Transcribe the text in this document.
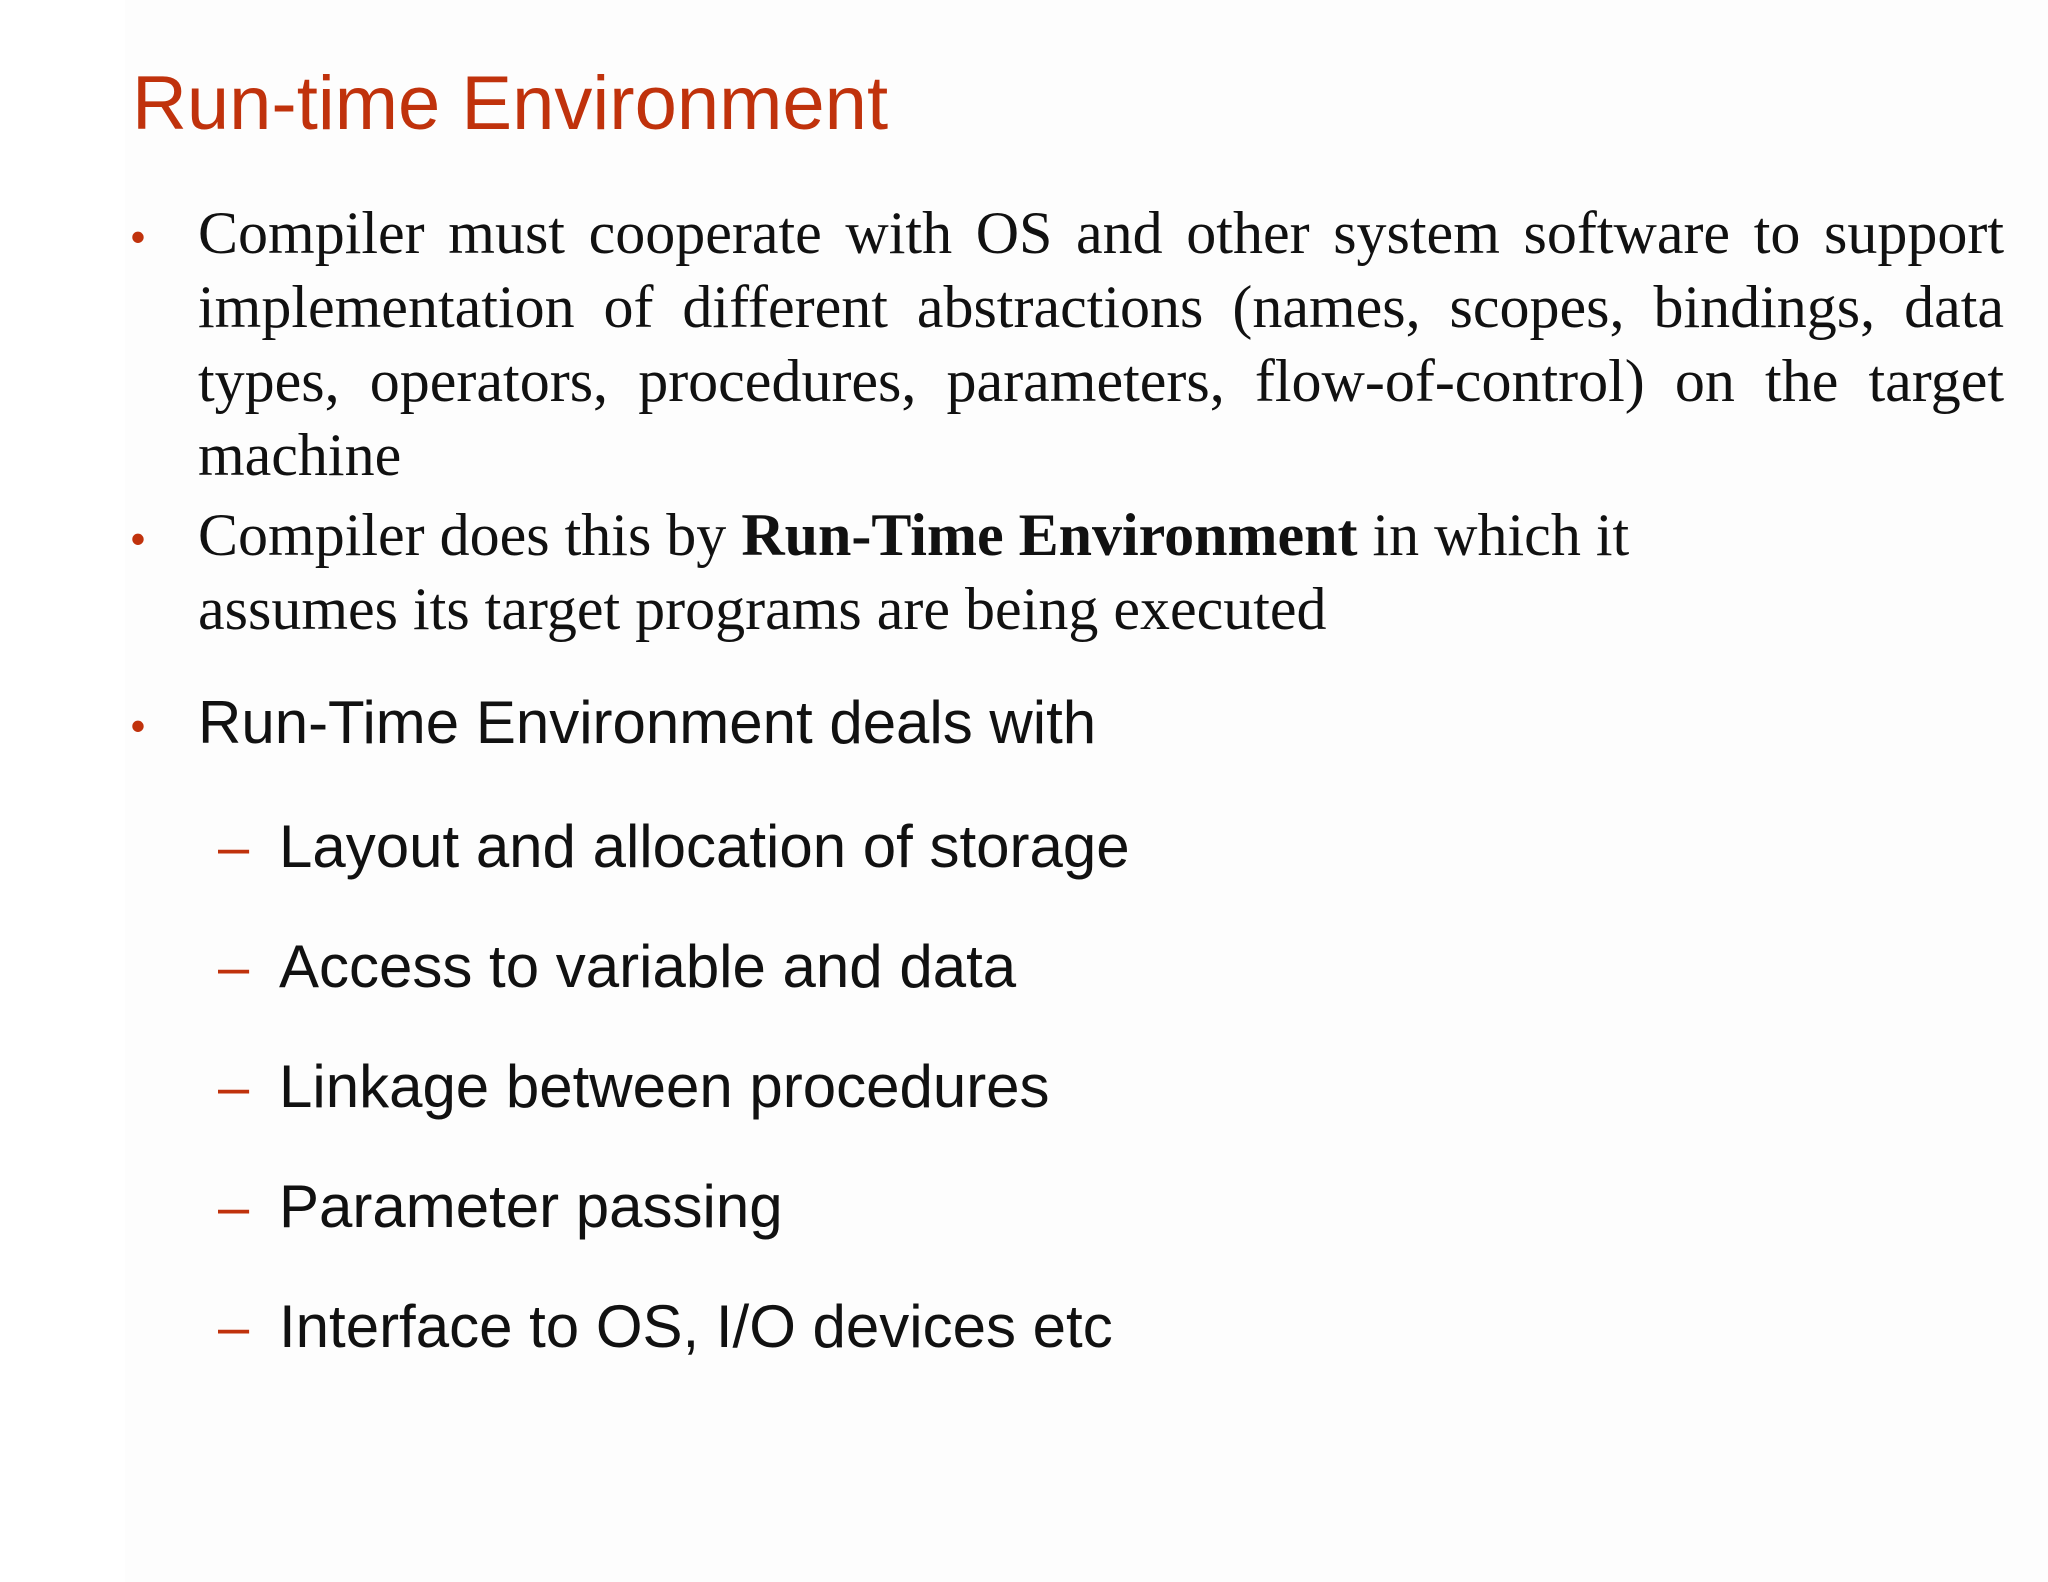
Run-time Environment
• Compiler must cooperate with OS and other system software to support implementation of different abstractions (names, scopes, bindings, data types, operators, procedures, parameters, flow-of-control) on the target machine

• Compiler does this by Run-Time Environment in which it
assumes its target programs are being executed

• Run-Time Environment deals with

– Layout and allocation of storage

– Access to variable and data

– Linkage between procedures

– Parameter passing

– Interface to OS, I/O devices etc
